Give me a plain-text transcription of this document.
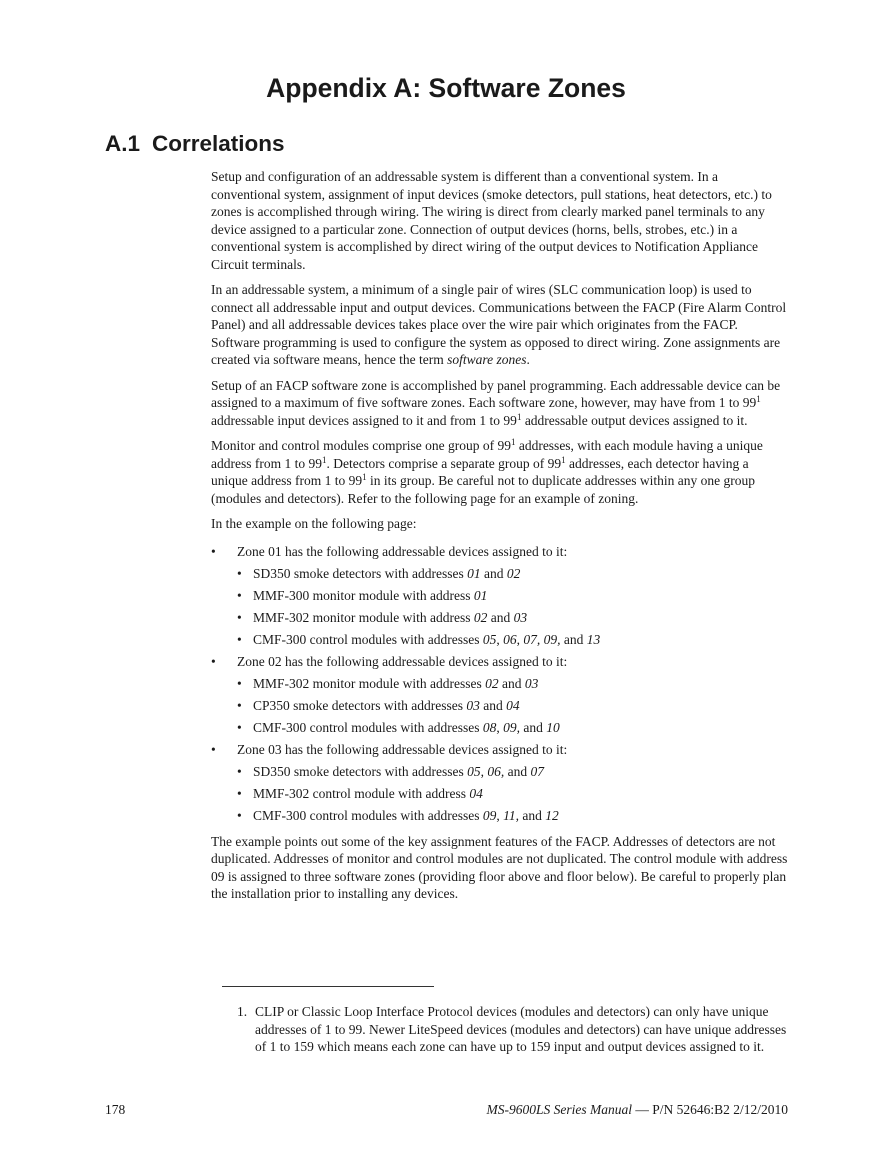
Appendix A: Software Zones
A.1 Correlations

Setup and configuration of an addressable system is different than a conventional system. In a conventional system, assignment of input devices (smoke detectors, pull stations, heat detectors, etc.) to zones is accomplished through wiring. The wiring is direct from clearly marked panel terminals to any device assigned to a particular zone. Connection of output devices (horns, bells, strobes, etc.) in a conventional system is accomplished by direct wiring of the output devices to Notification Appliance Circuit terminals.

In an addressable system, a minimum of a single pair of wires (SLC communication loop) is used to connect all addressable input and output devices. Communications between the FACP (Fire Alarm Control Panel) and all addressable devices takes place over the wire pair which originates from the FACP. Software programming is used to configure the system as opposed to direct wiring. Zone assignments are created via software means, hence the term software zones.

Setup of an FACP software zone is accomplished by panel programming. Each addressable device can be assigned to a maximum of five software zones. Each software zone, however, may have from 1 to $99^1$ addressable input devices assigned to it and from 1 to $99^1$ addressable output devices assigned to it.

Monitor and control modules comprise one group of $99^1$ addresses, with each module having a unique address from 1 to $99^1$. Detectors comprise a separate group of $99^1$ addresses, each detector having a unique address from 1 to $99^1$ in its group. Be careful not to duplicate addresses within any one group (modules and detectors). Refer to the following page for an example of zoning.

In the example on the following page:

• Zone 01 has the following addressable devices assigned to it:
• SD350 smoke detectors with addresses 01 and 02
• MMF-300 monitor module with address 01
• MMF-302 monitor module with address 02 and 03
• CMF-300 control modules with addresses 05, 06, 07, 09, and 13
• Zone 02 has the following addressable devices assigned to it:
• MMF-302 monitor module with addresses 02 and 03
• CP350 smoke detectors with addresses 03 and 04
• CMF-300 control modules with addresses 08, 09, and 10
• Zone 03 has the following addressable devices assigned to it:
• SD350 smoke detectors with addresses 05, 06, and 07
• MMF-302 control module with address 04
• CMF-300 control modules with addresses 09, 11, and 12

The example points out some of the key assignment features of the FACP. Addresses of detectors are not duplicated. Addresses of monitor and control modules are not duplicated. The control module with address 09 is assigned to three software zones (providing floor above and floor below). Be careful to properly plan the installation prior to installing any devices.

1. CLIP or Classic Loop Interface Protocol devices (modules and detectors) can only have unique addresses of 1 to 99. Newer LiteSpeed devices (modules and detectors) can have unique addresses of 1 to 159 which means each zone can have up to 159 input and output devices assigned to it.
178	MS-9600LS Series Manual — P/N 52646:B2 2/12/2010
